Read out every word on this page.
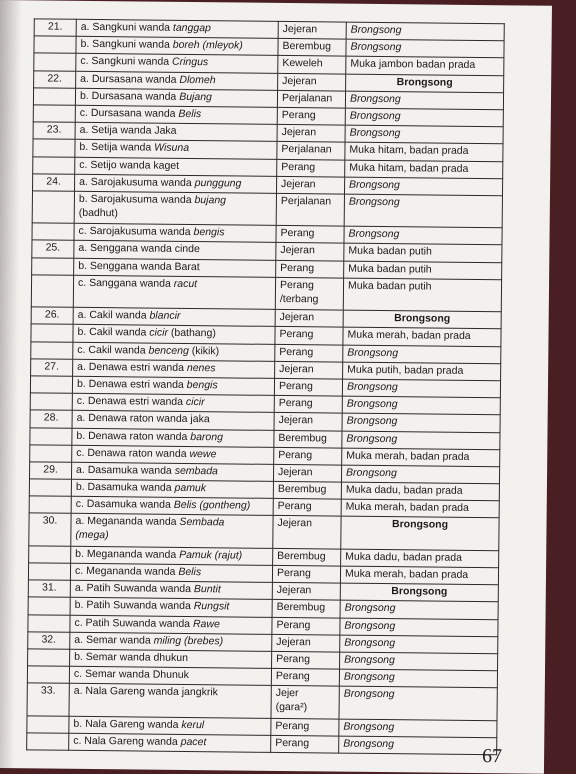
21.	a. Sangkuni wanda tanggap	Jejeran	Brongsong
	b. Sangkuni wanda boreh (mleyok)	Berembug	Brongsong
	c. Sangkuni wanda Cringus	Keweleh	Muka jambon badan prada
22.	a. Dursasana wanda Dlomeh	Jejeran	Brongsong
	b. Dursasana wanda Bujang	Perjalanan	Brongsong
	c. Dursasana wanda Belis	Perang	Brongsong
23.	a. Setija wanda Jaka	Jejeran	Brongsong
	b. Setija wanda Wisuna	Perjalanan	Muka hitam, badan prada
	c. Setijo wanda kaget	Perang	Muka hitam, badan prada
24.	a. Sarojakusuma wanda punggung	Jejeran	Brongsong
	b. Sarojakusuma wanda bujang
(badhut)	Perjalanan	Brongsong
	c. Sarojakusuma wanda bengis	Perang	Brongsong
25.	a. Senggana wanda cinde	Jejeran	Muka badan putih
	b. Senggana wanda Barat	Perang	Muka badan putih
	c. Sanggana wanda racut	Perang
/terbang	Muka badan putih
26.	a. Cakil wanda blancir	Jejeran	Brongsong
	b. Cakil wanda cicir (bathang)	Perang	Muka merah, badan prada
	c. Cakil wanda benceng (kikik)	Perang	Brongsong
27.	a. Denawa estri wanda nenes	Jejeran	Muka putih, badan prada
	b. Denawa estri wanda bengis	Perang	Brongsong
	c. Denawa estri wanda cicir	Perang	Brongsong
28.	a. Denawa raton wanda jaka	Jejeran	Brongsong
	b. Denawa raton wanda barong	Berembug	Brongsong
	c. Denawa raton wanda wewe	Perang	Muka merah, badan prada
29.	a. Dasamuka wanda sembada	Jejeran	Brongsong
	b. Dasamuka wanda pamuk	Berembug	Muka dadu, badan prada
	c. Dasamuka wanda Belis (gontheng)	Perang	Muka merah, badan prada
30.	a. Megananda wanda Sembada
(mega)	Jejeran	Brongsong
	b. Megananda wanda Pamuk (rajut)	Berembug	Muka dadu, badan prada
	c. Megananda wanda Belis	Perang	Muka merah, badan prada
31.	a. Patih Suwanda wanda Buntit	Jejeran	Brongsong
	b. Patih Suwanda wanda Rungsit	Berembug	Brongsong
	c. Patih Suwanda wanda Rawe	Perang	Brongsong
32.	a. Semar wanda miling (brebes)	Jejeran	Brongsong
	b. Semar wanda dhukun	Perang	Brongsong
	c. Semar wanda Dhunuk	Perang	Brongsong
33.	a. Nala Gareng wanda jangkrik	Jejer
(gara²)	Brongsong
	b. Nala Gareng wanda kerul	Perang	Brongsong
	c. Nala Gareng wanda pacet	Perang	Brongsong
67
